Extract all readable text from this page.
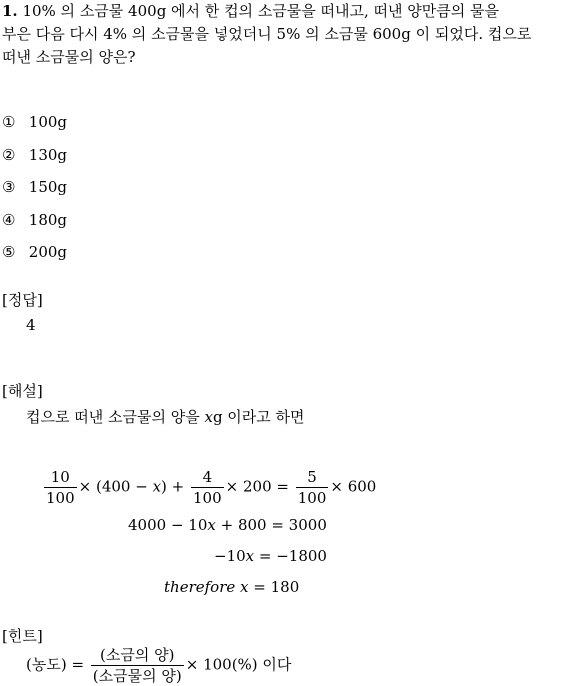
1. 10% 의 소금물 400g 에서 한 컵의 소금물을 떠내고, 떠낸 양만큼의 물을
부은 다음 다시 4% 의 소금물을 넣었더니 5% 의 소금물 600g 이 되었다. 컵으로
떠낸 소금물의 양은?
① 100g
② 130g
③ 150g
④ 180g
⑤ 200g
[정답]
4
[해설]
컵으로 떠낸 소금물의 양을 xg 이라고 하면
$\frac{10}{100} \times (400 - x) + \frac{4}{100} \times 200 = \frac{5}{100} \times 600$
4000 − 10x + 800 = 3000
−10x = −1800
therefore x = 180
[힌트]
(농도) = $\frac{\text{(소금의 양)}}{\text{(소금물의 양)}} \times 100(\%)$ 이다
